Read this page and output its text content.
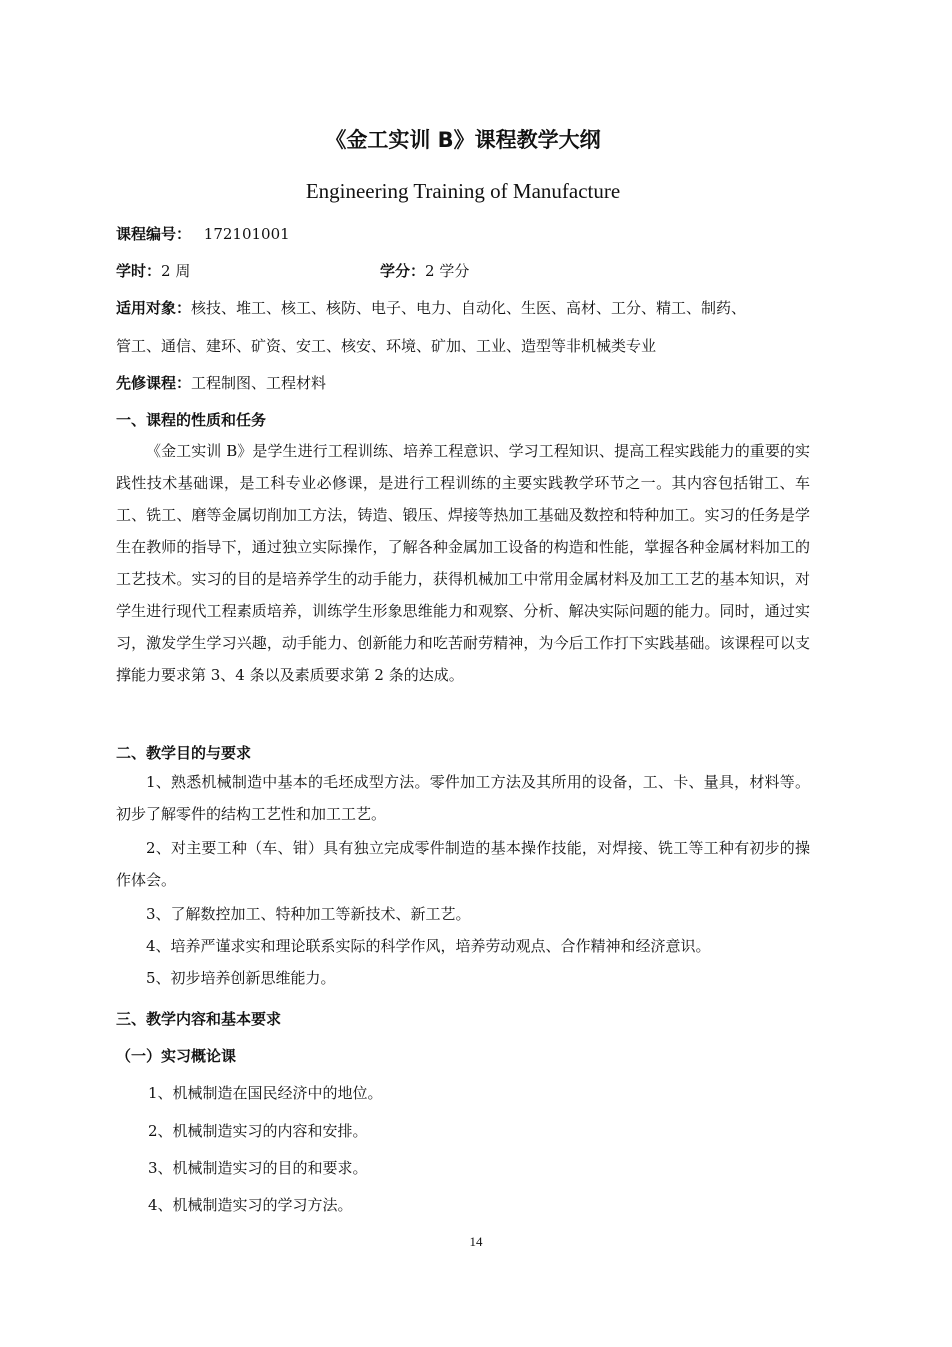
《金工实训 B》课程教学大纲
Engineering Training of Manufacture
课程编号： 172101001
学时：2 周	学分：2 学分
适用对象：核技、堆工、核工、核防、电子、电力、自动化、生医、高材、工分、精工、制药、
管工、通信、建环、矿资、安工、核安、环境、矿加、工业、造型等非机械类专业
先修课程：工程制图、工程材料
一、课程的性质和任务

《金工实训 B》是学生进行工程训练、培养工程意识、学习工程知识、提高工程实践能力的重要的实践性技术基础课，是工科专业必修课，是进行工程训练的主要实践教学环节之一。其内容包括钳工、车工、铣工、磨等金属切削加工方法，铸造、锻压、焊接等热加工基础及数控和特种加工。实习的任务是学生在教师的指导下，通过独立实际操作，了解各种金属加工设备的构造和性能，掌握各种金属材料加工的工艺技术。实习的目的是培养学生的动手能力，获得机械加工中常用金属材料及加工工艺的基本知识，对学生进行现代工程素质培养，训练学生形象思维能力和观察、分析、解决实际问题的能力。同时，通过实习，激发学生学习兴趣，动手能力、创新能力和吃苦耐劳精神，为今后工作打下实践基础。该课程可以支撑能力要求第 3、4 条以及素质要求第 2 条的达成。

二、教学目的与要求

1、熟悉机械制造中基本的毛坯成型方法。零件加工方法及其所用的设备，工、卡、量具，材料等。初步了解零件的结构工艺性和加工工艺。

2、对主要工种（车、钳）具有独立完成零件制造的基本操作技能，对焊接、铣工等工种有初步的操作体会。

3、了解数控加工、特种加工等新技术、新工艺。

4、培养严谨求实和理论联系实际的科学作风，培养劳动观点、合作精神和经济意识。

5、初步培养创新思维能力。

三、教学内容和基本要求
（一）实习概论课
1、机械制造在国民经济中的地位。
2、机械制造实习的内容和安排。
3、机械制造实习的目的和要求。
4、机械制造实习的学习方法。
14
